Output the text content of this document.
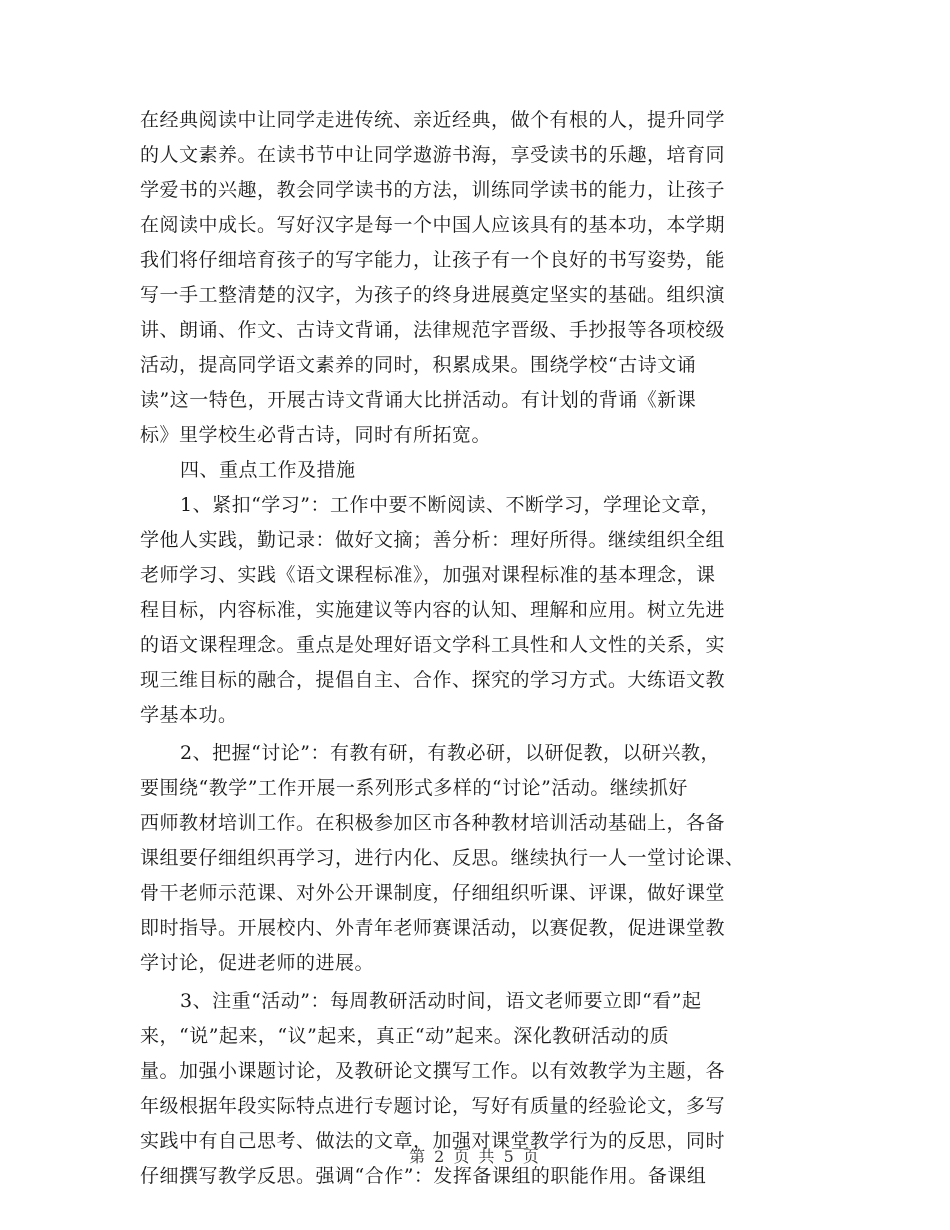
在经典阅读中让同学走进传统、亲近经典，做个有根的人，提升同学
的人文素养。在读书节中让同学遨游书海，享受读书的乐趣，培育同
学爱书的兴趣，教会同学读书的方法，训练同学读书的能力，让孩子
在阅读中成长。写好汉字是每一个中国人应该具有的基本功，本学期
我们将仔细培育孩子的写字能力，让孩子有一个良好的书写姿势，能
写一手工整清楚的汉字，为孩子的终身进展奠定坚实的基础。组织演
讲、朗诵、作文、古诗文背诵，法律规范字晋级、手抄报等各项校级
活动，提高同学语文素养的同时，积累成果。围绕学校“古诗文诵
读”这一特色，开展古诗文背诵大比拼活动。有计划的背诵《新课
标》里学校生必背古诗，同时有所拓宽。
四、重点工作及措施
1、紧扣“学习”：工作中要不断阅读、不断学习，学理论文章，
学他人实践，勤记录：做好文摘；善分析：理好所得。继续组织全组
老师学习、实践《语文课程标准》，加强对课程标准的基本理念，课
程目标，内容标准，实施建议等内容的认知、理解和应用。树立先进
的语文课程理念。重点是处理好语文学科工具性和人文性的关系，实
现三维目标的融合，提倡自主、合作、探究的学习方式。大练语文教
学基本功。
2、把握“讨论”：有教有研，有教必研，以研促教，以研兴教，
要围绕“教学”工作开展一系列形式多样的“讨论”活动。继续抓好
西师教材培训工作。在积极参加区市各种教材培训活动基础上，各备
课组要仔细组织再学习，进行内化、反思。继续执行一人一堂讨论课、
骨干老师示范课、对外公开课制度，仔细组织听课、评课，做好课堂
即时指导。开展校内、外青年老师赛课活动，以赛促教，促进课堂教
学讨论，促进老师的进展。
3、注重“活动”：每周教研活动时间，语文老师要立即“看”起
来，“说”起来，“议”起来，真正“动”起来。深化教研活动的质
量。加强小课题讨论，及教研论文撰写工作。以有效教学为主题，各
年级根据年段实际特点进行专题讨论，写好有质量的经验论文，多写
实践中有自己思考、做法的文章，加强对课堂教学行为的反思，同时
仔细撰写教学反思。强调“合作”：发挥备课组的职能作用。备课组
第 2 页 共 5 页
